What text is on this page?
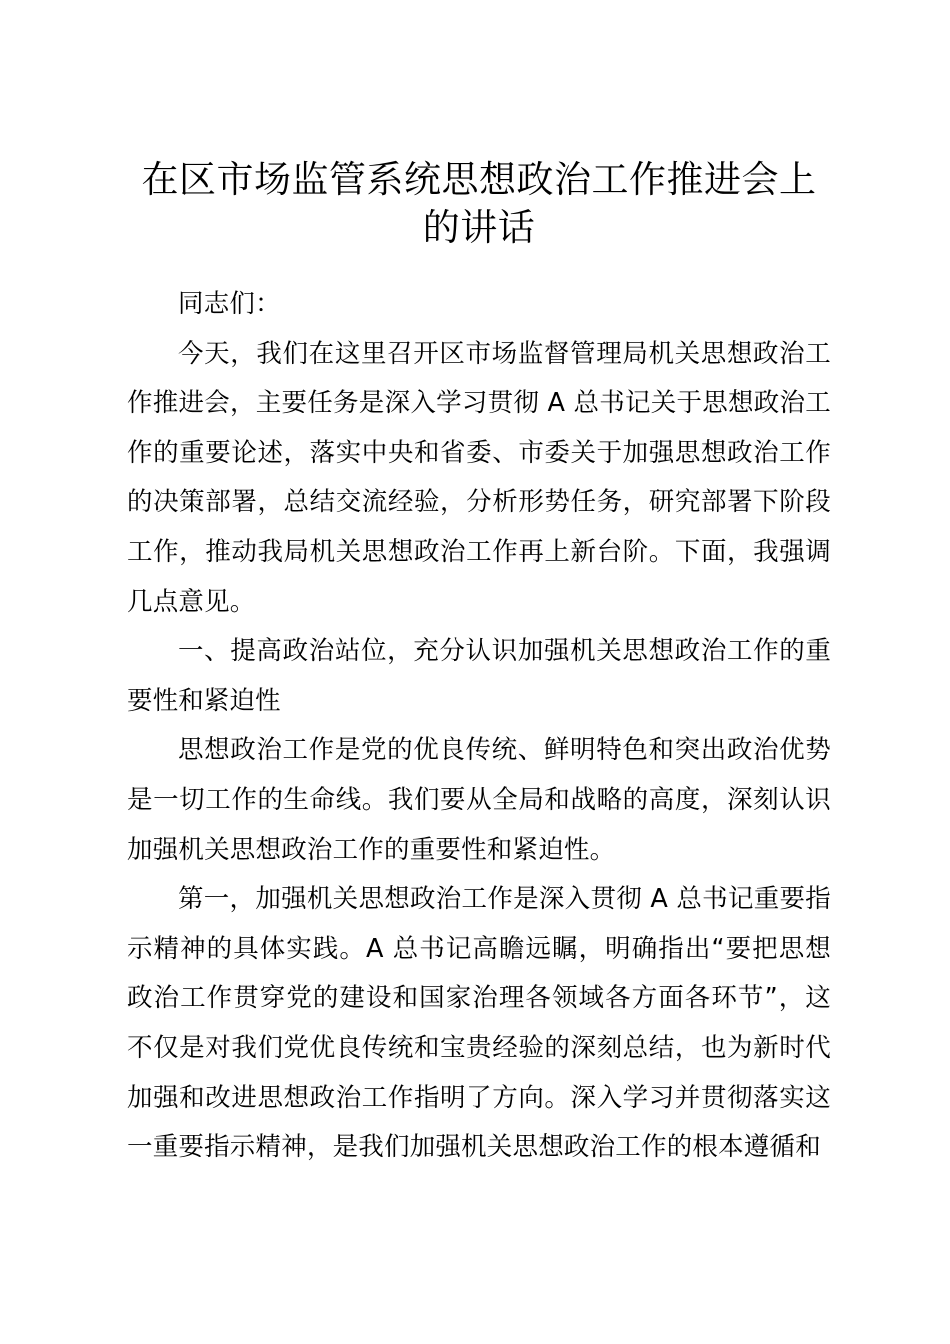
在区市场监管系统思想政治工作推进会上的讲话

同志们：

今天，我们在这里召开区市场监督管理局机关思想政治工作推进会，主要任务是深入学习贯彻 A 总书记关于思想政治工作的重要论述，落实中央和省委、市委关于加强思想政治工作的决策部署，总结交流经验，分析形势任务，研究部署下阶段工作，推动我局机关思想政治工作再上新台阶。下面，我强调几点意见。

一、提高政治站位，充分认识加强机关思想政治工作的重要性和紧迫性

思想政治工作是党的优良传统、鲜明特色和突出政治优势是一切工作的生命线。我们要从全局和战略的高度，深刻认识加强机关思想政治工作的重要性和紧迫性。

第一，加强机关思想政治工作是深入贯彻 A 总书记重要指示精神的具体实践。A 总书记高瞻远瞩，明确指出“要把思想政治工作贯穿党的建设和国家治理各领域各方面各环节”，这不仅是对我们党优良传统和宝贵经验的深刻总结，也为新时代加强和改进思想政治工作指明了方向。深入学习并贯彻落实这一重要指示精神，是我们加强机关思想政治工作的根本遵循和
